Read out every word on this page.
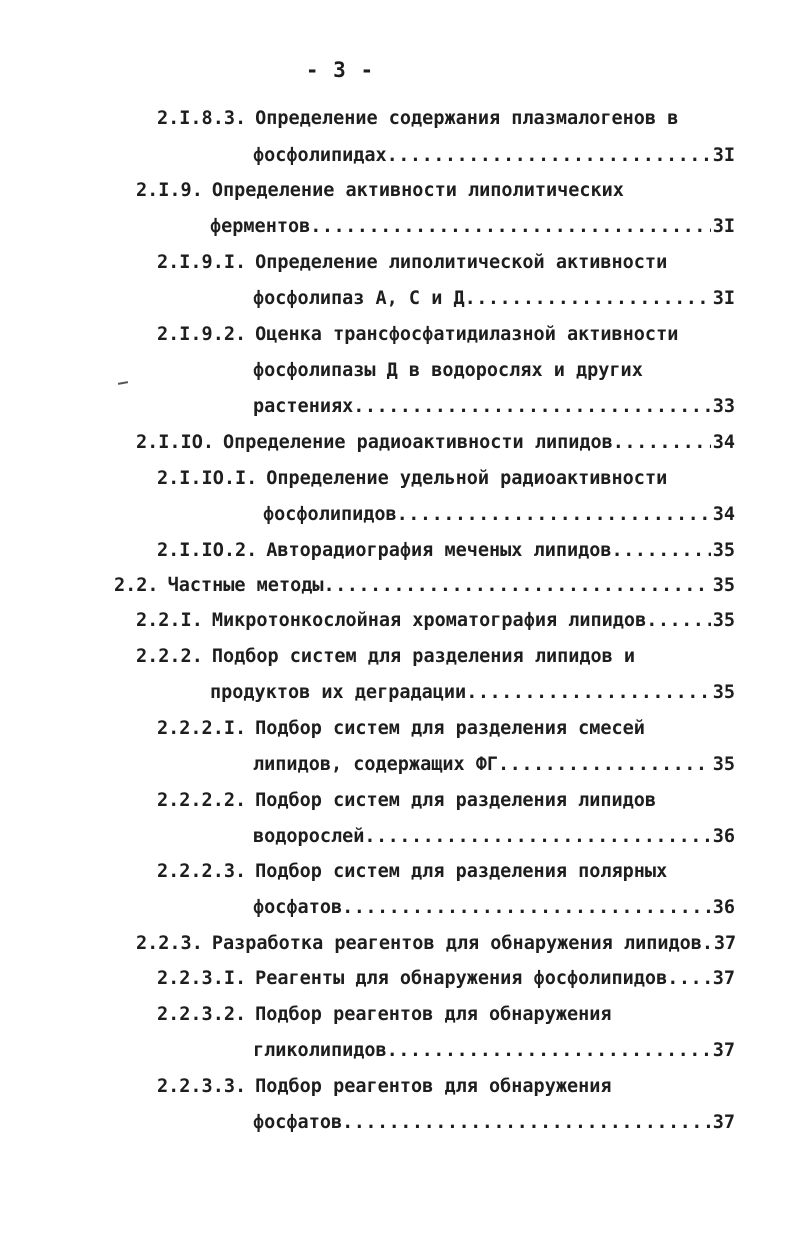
- 3 -
2.I.8.3. Определение содержания плазмалогенов в
фосфолипидах .....	3I
2.I.9. Определение активности липолитических
ферментов .....	3I
2.I.9.I. Определение липолитической активности
фосфолипаз А, С и Д .....	3I
2.I.9.2. Оценка трансфосфатидилазной активности
фосфолипазы Д в водорослях и других
растениях .....	33
2.I.IO. Определение радиоактивности липидов .....	34
2.I.IO.I. Определение удельной радиоактивности
фосфолипидов .....	34
2.I.IO.2. Авторадиография меченых липидов .....	35
2.2. Частные методы .....	35
2.2.I. Микротонкослойная хроматография липидов .....	35
2.2.2. Подбор систем для разделения липидов и
продуктов их деградации .....	35
2.2.2.I. Подбор систем для разделения смесей
липидов, содержащих ФГ .....	35
2.2.2.2. Подбор систем для разделения липидов
водорослей .....	36
2.2.2.3. Подбор систем для разделения полярных
фосфатов .....	36
2.2.3. Разработка реагентов для обнаружения липидов ..... 37
2.2.3.I. Реагенты для обнаружения фосфолипидов ..... 37
2.2.3.2. Подбор реагентов для обнаружения
гликолипидов .....	37
2.2.3.3. Подбор реагентов для обнаружения
фосфатов .....	37
